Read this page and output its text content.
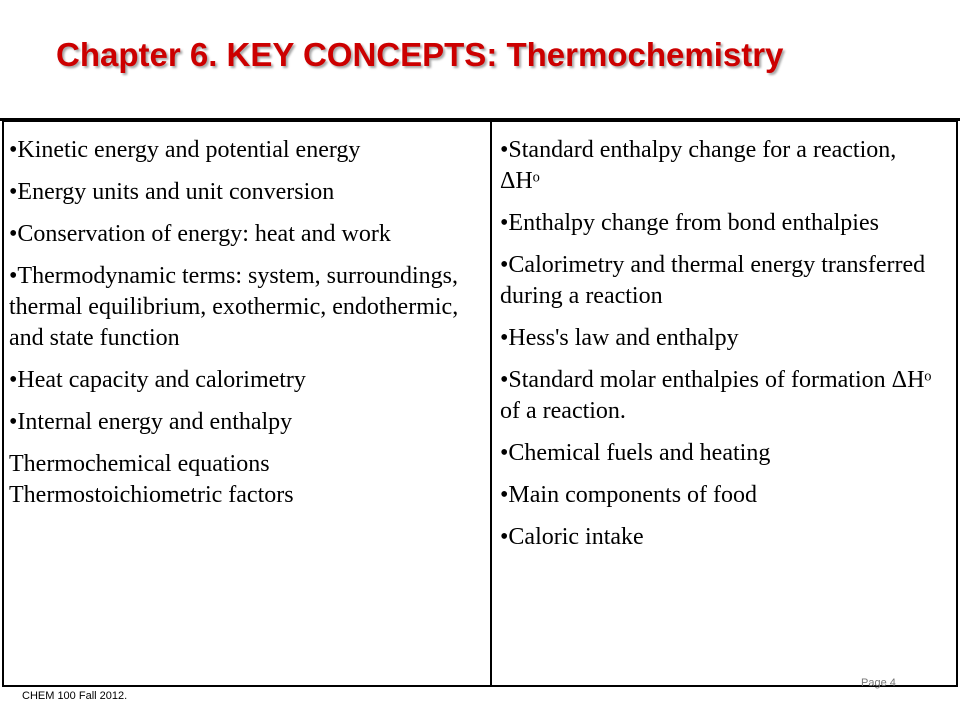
Chapter 6. KEY CONCEPTS: Thermochemistry
•Kinetic energy and potential energy
•Energy units and unit conversion
•Conservation of energy: heat and work
•Thermodynamic terms: system, surroundings, thermal equilibrium, exothermic, endothermic, and state function
•Heat capacity and calorimetry
•Internal energy and enthalpy
Thermochemical equations Thermostoichiometric factors
•Standard enthalpy change for a reaction, ΔHᵒ
•Enthalpy change from bond enthalpies
•Calorimetry and thermal energy transferred during a reaction
•Hess's law and enthalpy
•Standard molar enthalpies of formation ΔHᵒ of a reaction.
•Chemical fuels and heating
•Main components of food
•Caloric intake
CHEM 100 Fall 2012.
Page 4
